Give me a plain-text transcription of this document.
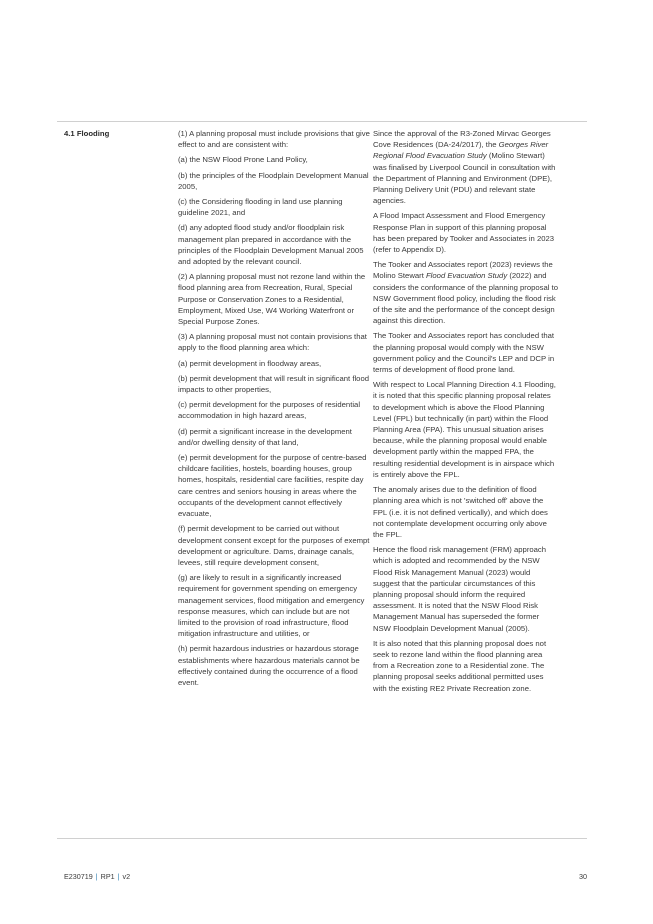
4.1 Flooding	(1) A planning proposal must include provisions that give effect to and are consistent with:

(a) the NSW Flood Prone Land Policy,

(b) the principles of the Floodplain Development Manual 2005,

(c) the Considering flooding in land use planning guideline 2021, and

(d) any adopted flood study and/or floodplain risk management plan prepared in accordance with the principles of the Floodplain Development Manual 2005 and adopted by the relevant council.

(2) A planning proposal must not rezone land within the flood planning area from Recreation, Rural, Special Purpose or Conservation Zones to a Residential, Employment, Mixed Use, W4 Working Waterfront or Special Purpose Zones.

(3) A planning proposal must not contain provisions that apply to the flood planning area which:

(a) permit development in floodway areas,

(b) permit development that will result in significant flood impacts to other properties,

(c) permit development for the purposes of residential accommodation in high hazard areas,

(d) permit a significant increase in the development and/or dwelling density of that land,

(e) permit development for the purpose of centre-based childcare facilities, hostels, boarding houses, group homes, hospitals, residential care facilities, respite day care centres and seniors housing in areas where the occupants of the development cannot effectively evacuate,

(f) permit development to be carried out without development consent except for the purposes of exempt development or agriculture. Dams, drainage canals, levees, still require development consent,

(g) are likely to result in a significantly increased requirement for government spending on emergency management services, flood mitigation and emergency response measures, which can include but are not limited to the provision of road infrastructure, flood mitigation infrastructure and utilities, or

(h) permit hazardous industries or hazardous storage establishments where hazardous materials cannot be effectively contained during the occurrence of a flood event.

Since the approval of the R3-Zoned Mirvac Georges Cove Residences (DA-24/2017), the Georges River Regional Flood Evacuation Study (Molino Stewart) was finalised by Liverpool Council in consultation with the Department of Planning and Environment (DPE), Planning Delivery Unit (PDU) and relevant state agencies.

A Flood Impact Assessment and Flood Emergency Response Plan in support of this planning proposal has been prepared by Tooker and Associates in 2023 (refer to Appendix D).

The Tooker and Associates report (2023) reviews the Molino Stewart Flood Evacuation Study (2022) and considers the conformance of the planning proposal to NSW Government flood policy, including the flood risk of the site and the performance of the concept design against this direction.

The Tooker and Associates report has concluded that the planning proposal would comply with the NSW government policy and the Council's LEP and DCP in terms of development of flood prone land.

With respect to Local Planning Direction 4.1 Flooding, it is noted that this specific planning proposal relates to development which is above the Flood Planning Level (FPL) but technically (in part) within the Flood Planning Area (FPA). This unusual situation arises because, while the planning proposal would enable development partly within the mapped FPA, the resulting residential development is in airspace which is entirely above the FPL.

The anomaly arises due to the definition of flood planning area which is not 'switched off' above the FPL (i.e. it is not defined vertically), and which does not contemplate development occurring only above the FPL.

Hence the flood risk management (FRM) approach which is adopted and recommended by the NSW Flood Risk Management Manual (2023) would suggest that the particular circumstances of this planning proposal should inform the required assessment. It is noted that the NSW Flood Risk Management Manual has superseded the former NSW Floodplain Development Manual (2005).

It is also noted that this planning proposal does not seek to rezone land within the flood planning area from a Recreation zone to a Residential zone. The planning proposal seeks additional permitted uses with the existing RE2 Private Recreation zone.

E230719 | RP1 | v2	30
